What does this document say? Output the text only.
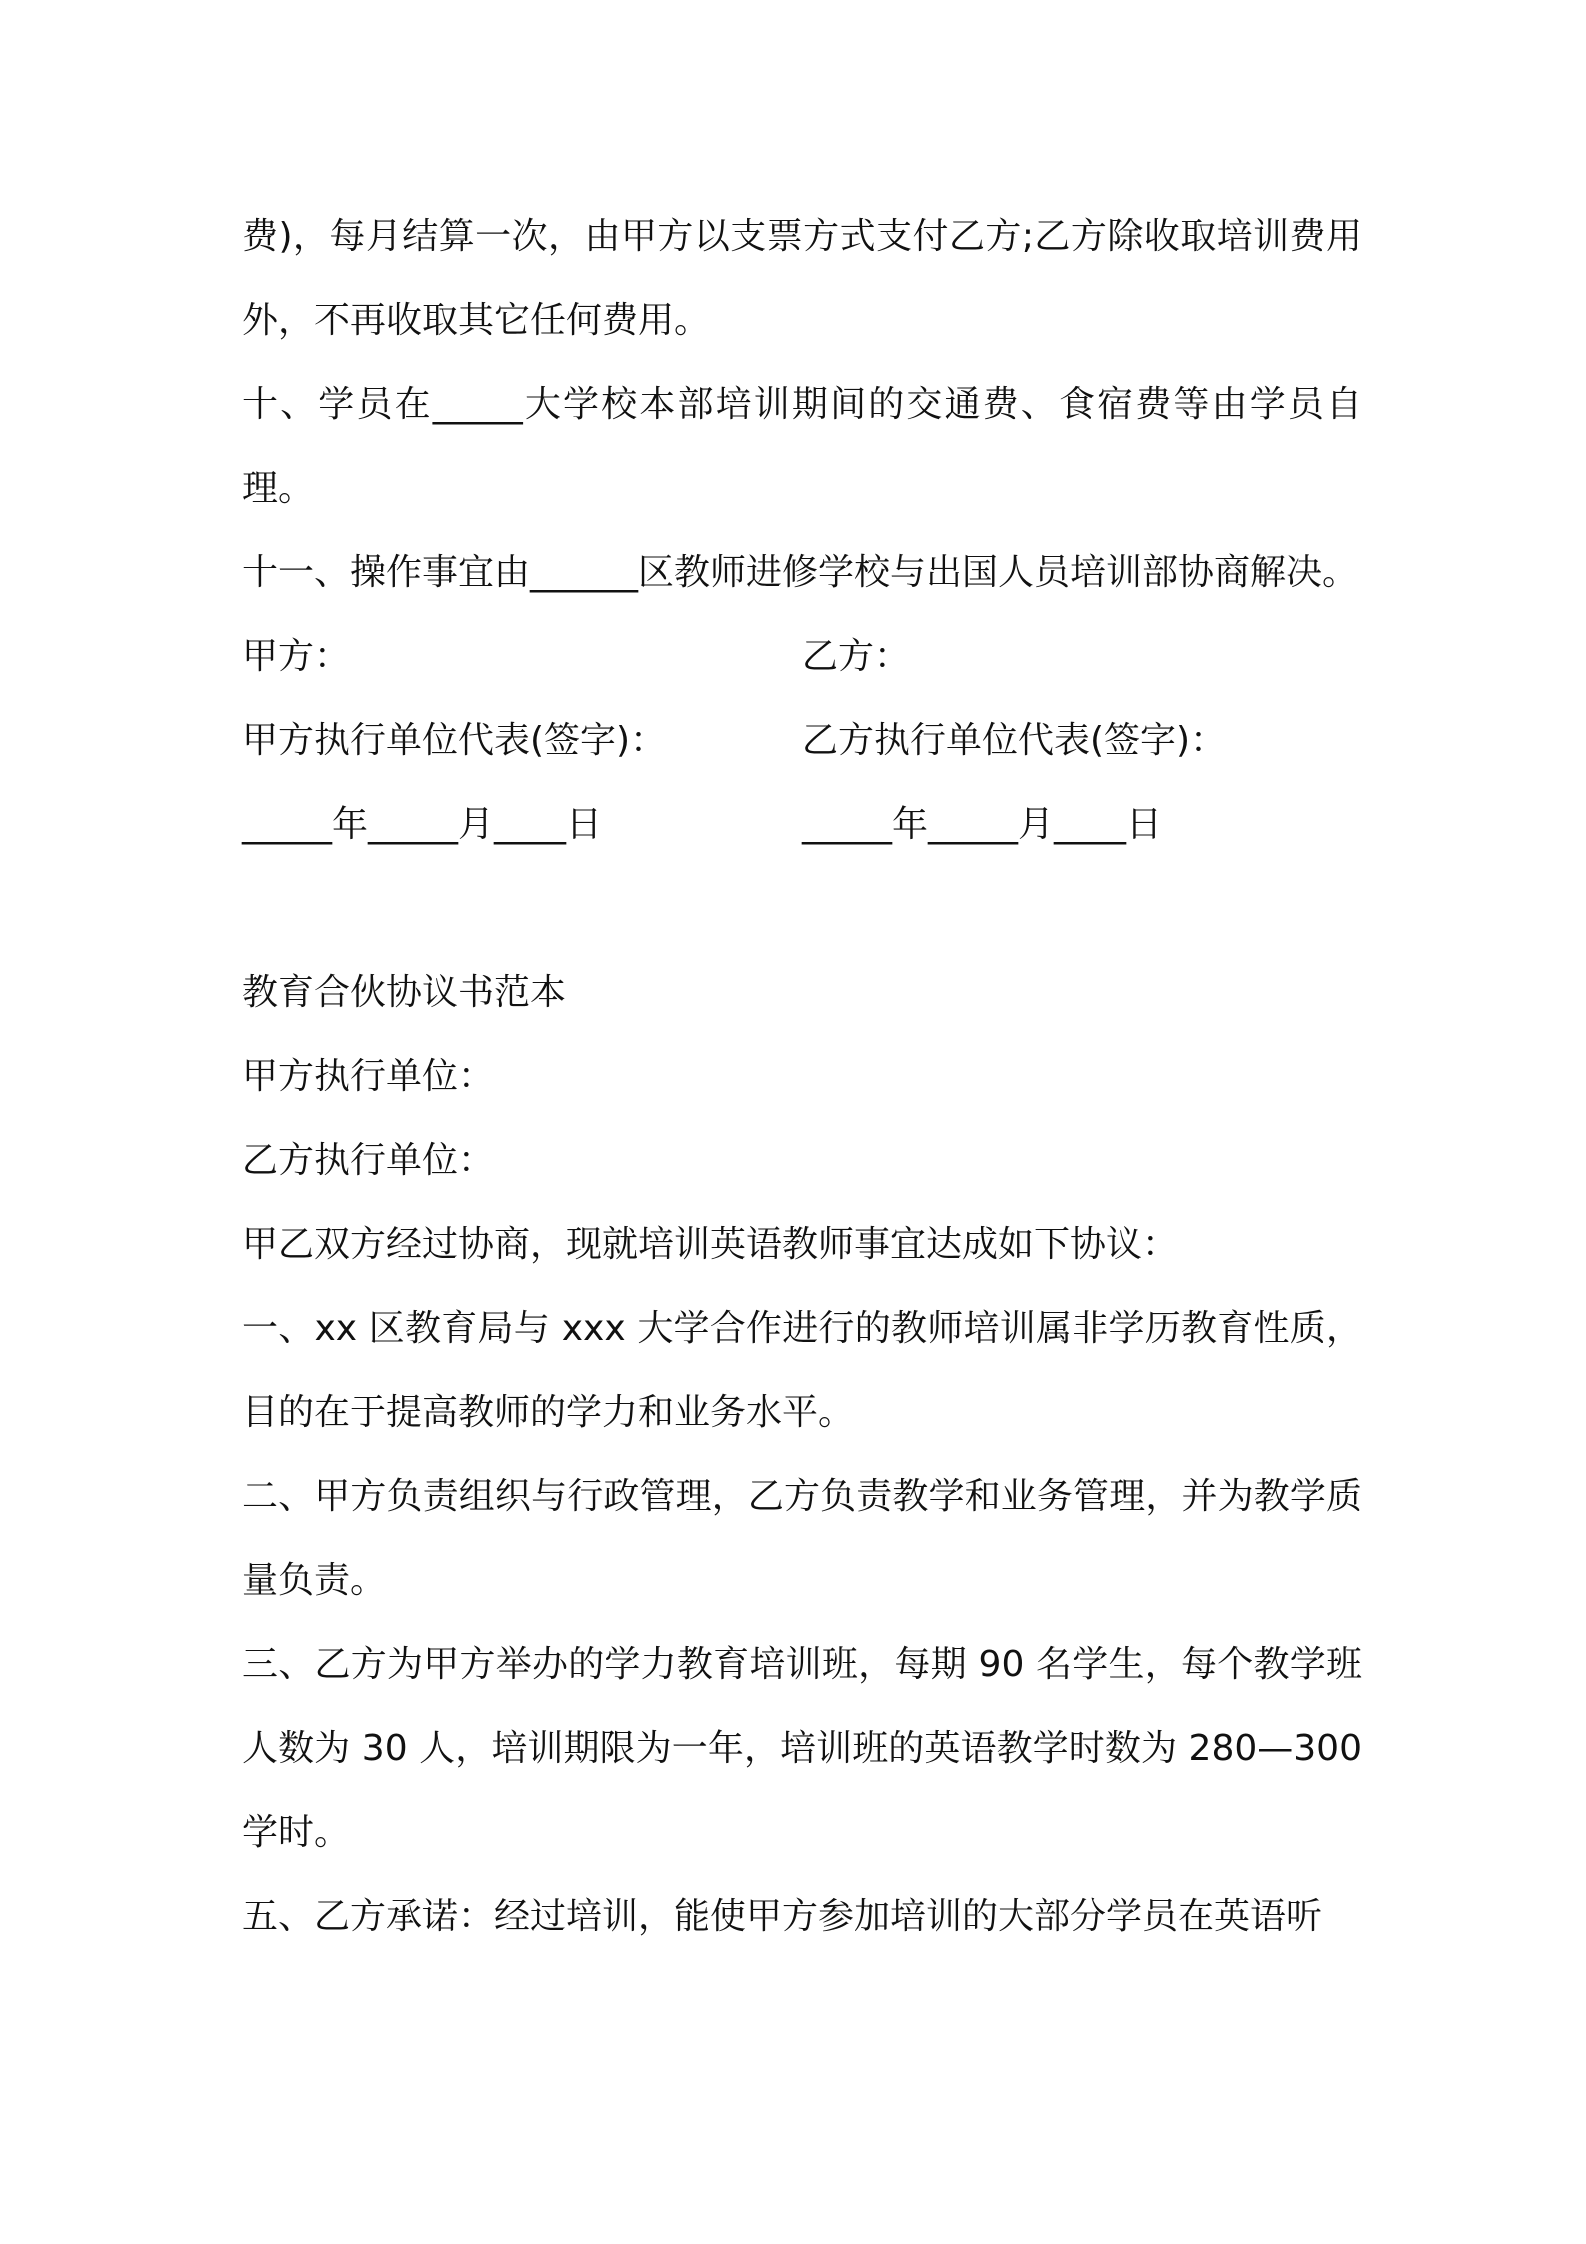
费)，每月结算一次，由甲方以支票方式支付乙方;乙方除收取培训费用外，不再收取其它任何费用。

十、学员在_____大学校本部培训期间的交通费、食宿费等由学员自理。

十一、操作事宜由______区教师进修学校与出国人员培训部协商解决。

甲方：	乙方：
甲方执行单位代表(签字)：	乙方执行单位代表(签字)：
_____年_____月____日	_____年_____月____日

教育合伙协议书范本

甲方执行单位：

乙方执行单位：

甲乙双方经过协商，现就培训英语教师事宜达成如下协议：

一、xx 区教育局与 xxx 大学合作进行的教师培训属非学历教育性质，目的在于提高教师的学力和业务水平。

二、甲方负责组织与行政管理，乙方负责教学和业务管理，并为教学质量负责。

三、乙方为甲方举办的学力教育培训班，每期 90 名学生，每个教学班人数为 30 人，培训期限为一年，培训班的英语教学时数为 280—300 学时。

五、乙方承诺：经过培训，能使甲方参加培训的大部分学员在英语听
